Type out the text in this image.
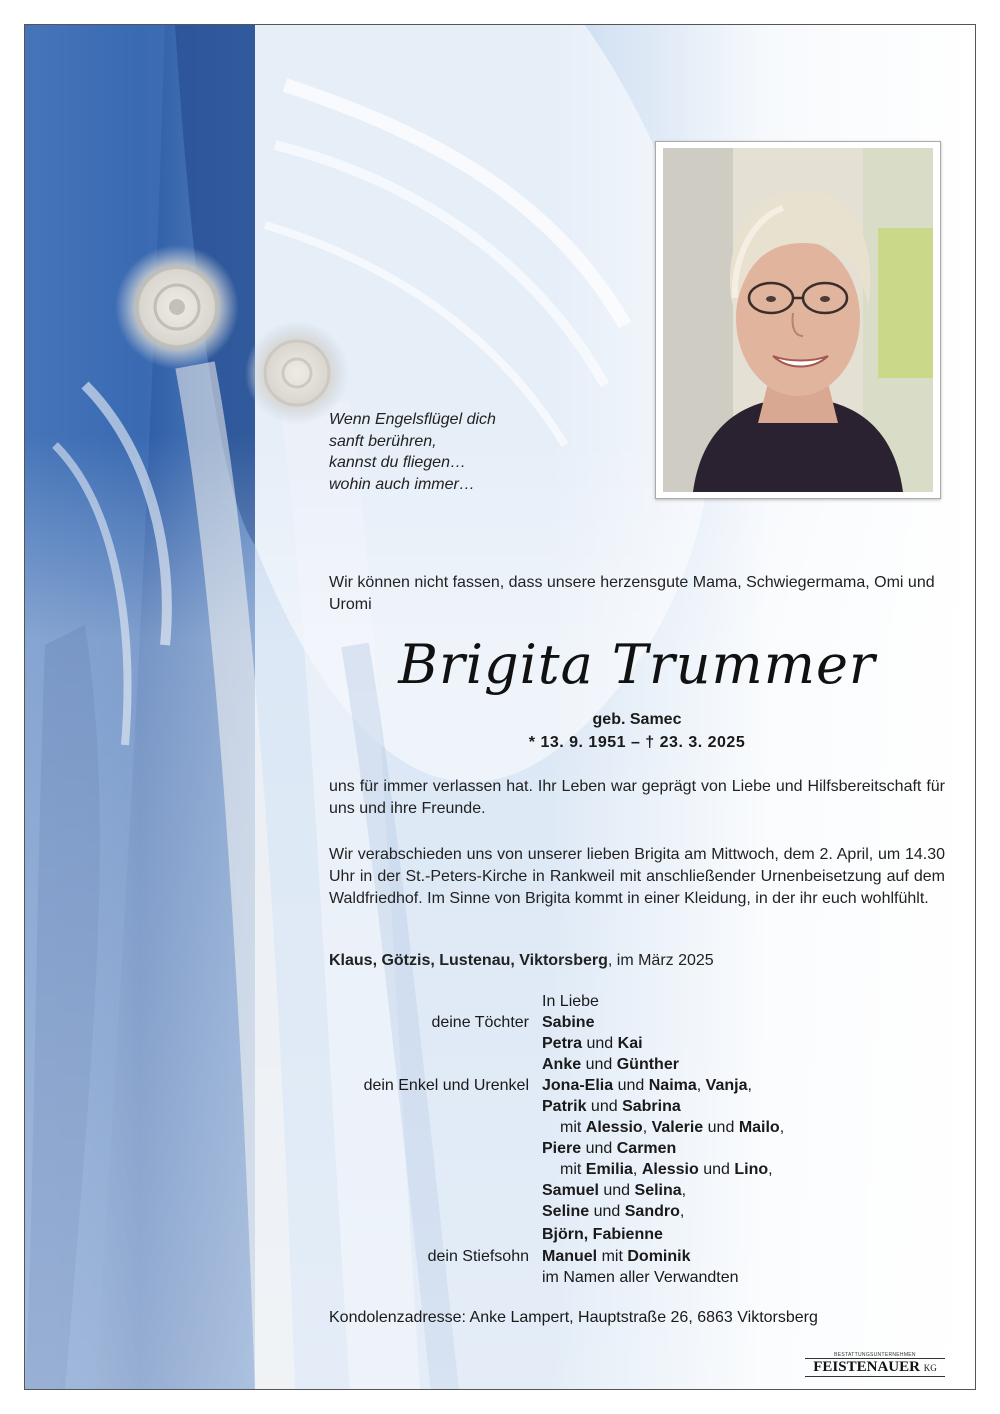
Wenn Engelsflügel dich
sanft berühren,
kannst du fliegen…
wohin auch immer…
Wir können nicht fassen, dass unsere herzensgute Mama, Schwiegermama, Omi und Uromi
Brigita Trummer
geb. Samec
* 13. 9. 1951 – † 23. 3. 2025
uns für immer verlassen hat. Ihr Leben war geprägt von Liebe und Hilfsbereitschaft für uns und ihre Freunde.
Wir verabschieden uns von unserer lieben Brigita am Mittwoch, dem 2. April, um 14.30 Uhr in der St.-Peters-Kirche in Rankweil mit anschließender Urnenbeisetzung auf dem Waldfriedhof. Im Sinne von Brigita kommt in einer Kleidung, in der ihr euch wohlfühlt.
Klaus, Götzis, Lustenau, Viktorsberg, im März 2025
In Liebe
deine Töchter Sabine
Petra und Kai
Anke und Günther
dein Enkel und Urenkel Jona-Elia und Naima, Vanja,
Patrik und Sabrina
mit Alessio, Valerie und Mailo,
Piere und Carmen
mit Emilia, Alessio und Lino,
Samuel und Selina,
Seline und Sandro,
Björn, Fabienne
dein Stiefsohn Manuel mit Dominik
im Namen aller Verwandten
Kondolenzadresse: Anke Lampert, Hauptstraße 26, 6863 Viktorsberg
BESTATTUNGSUNTERNEHMEN
FEISTENAUER KG
